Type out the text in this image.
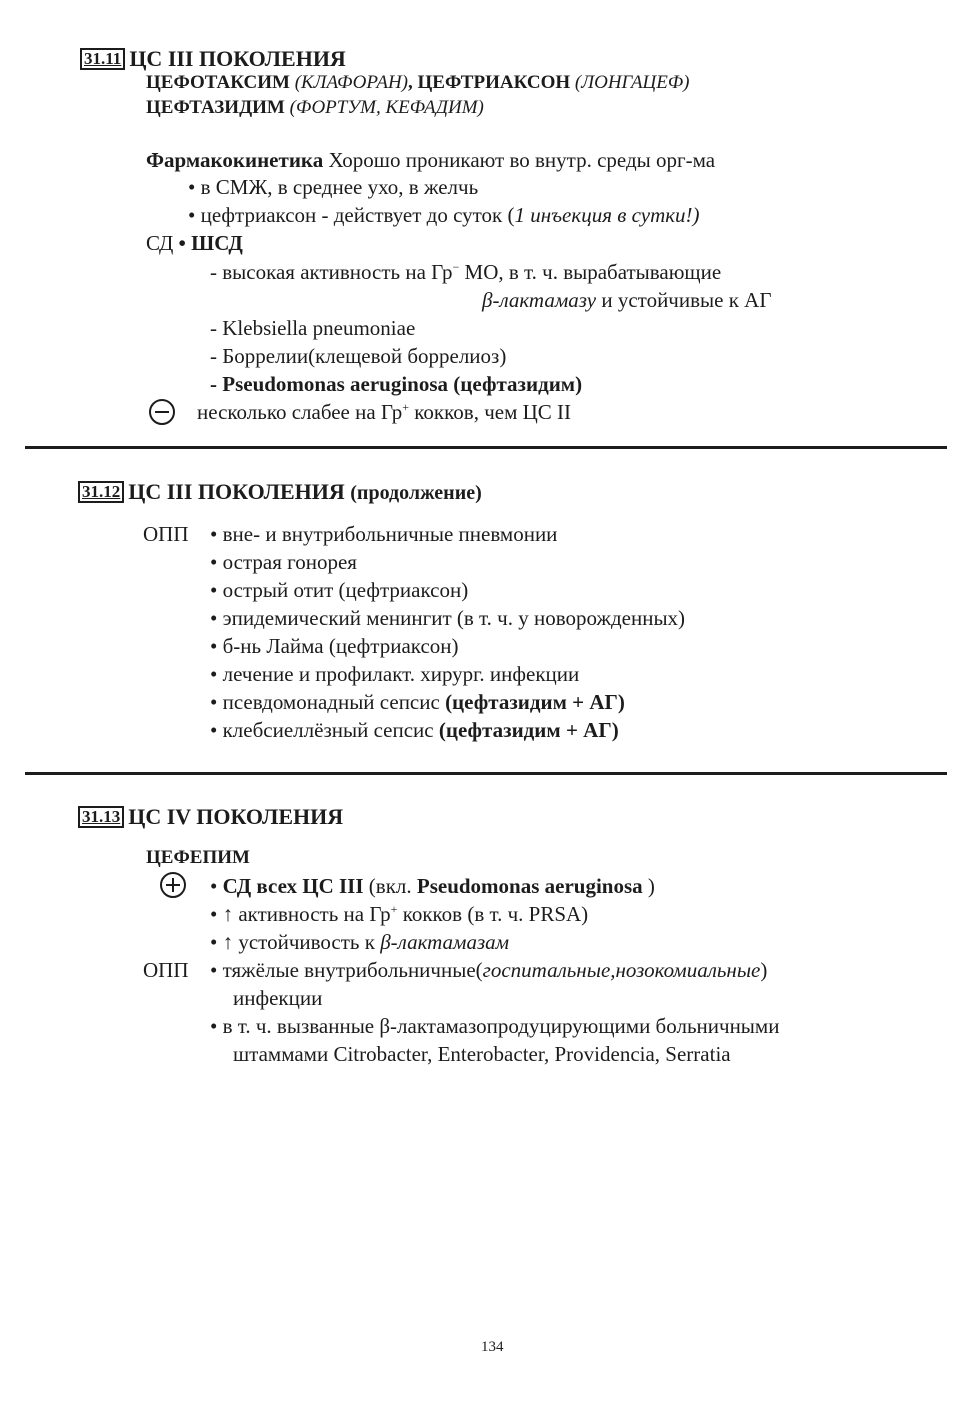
31.11 ЦС III ПОКОЛЕНИЯ
ЦЕФОТАКСИМ (КЛАФОРАН), ЦЕФТРИАКСОН (ЛОНГАЦЕФ)
ЦЕФТАЗИДИМ (ФОРТУМ, КЕФАДИМ)
Фармакокинетика Хорошо проникают во внутр. среды орг-ма
• в СМЖ, в среднее ухо, в желчь
• цефтриаксон - действует до суток (1 инъекция в сутки!)
СД • ШСД
- высокая активность на Гр− МО, в т. ч. вырабатывающие
β-лактамазу и устойчивые к АГ
- Klebsiella pneumoniae
- Боррелии(клещевой боррелиоз)
- Pseudomonas aeruginosa (цефтазидим)
несколько слабее на Гр+ кокков, чем ЦС II
31.12 ЦС III ПОКОЛЕНИЯ (продолжение)
ОПП • вне- и внутрибольничные пневмонии
• острая гонорея
• острый отит (цефтриаксон)
• эпидемический менингит (в т. ч. у новорожденных)
• б-нь Лайма (цефтриаксон)
• лечение и профилакт. хирург. инфекции
• псевдомонадный сепсис (цефтазидим + АГ)
• клебсиеллёзный сепсис (цефтазидим + АГ)
31.13 ЦС IV ПОКОЛЕНИЯ
ЦЕФЕПИМ
• СД всех ЦС III (вкл. Pseudomonas aeruginosa )
• ↑ активность на Гр+ кокков (в т. ч. PRSA)
• ↑ устойчивость к β-лактамазам
ОПП • тяжёлые внутрибольничные(госпитальные,нозокомиальные)
инфекции
• в т. ч. вызванные β-лактамазопродуцирующими больничными
штаммами Citrobacter, Enterobacter, Providencia, Serratia
134
